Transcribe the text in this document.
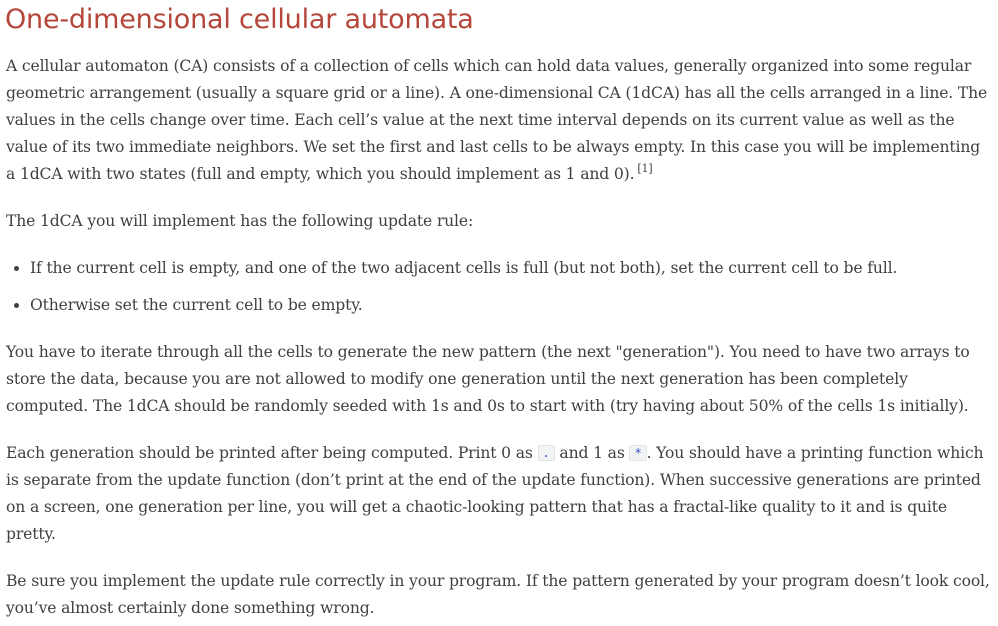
One-dimensional cellular automata

A cellular automaton (CA) consists of a collection of cells which can hold data values, generally organized into some regular geometric arrangement (usually a square grid or a line). A one-dimensional CA (1dCA) has all the cells arranged in a line. The values in the cells change over time. Each cell’s value at the next time interval depends on its current value as well as the value of its two immediate neighbors. We set the first and last cells to be always empty. In this case you will be implementing a 1dCA with two states (full and empty, which you should implement as 1 and 0). [1]

The 1dCA you will implement has the following update rule:

• If the current cell is empty, and one of the two adjacent cells is full (but not both), set the current cell to be full.
• Otherwise set the current cell to be empty.

You have to iterate through all the cells to generate the new pattern (the next "generation"). You need to have two arrays to store the data, because you are not allowed to modify one generation until the next generation has been completely computed. The 1dCA should be randomly seeded with 1s and 0s to start with (try having about 50% of the cells 1s initially).

Each generation should be printed after being computed. Print 0 as . and 1 as * . You should have a printing function which is separate from the update function (don’t print at the end of the update function). When successive generations are printed on a screen, one generation per line, you will get a chaotic-looking pattern that has a fractal-like quality to it and is quite pretty.

Be sure you implement the update rule correctly in your program. If the pattern generated by your program doesn’t look cool, you’ve almost certainly done something wrong.
